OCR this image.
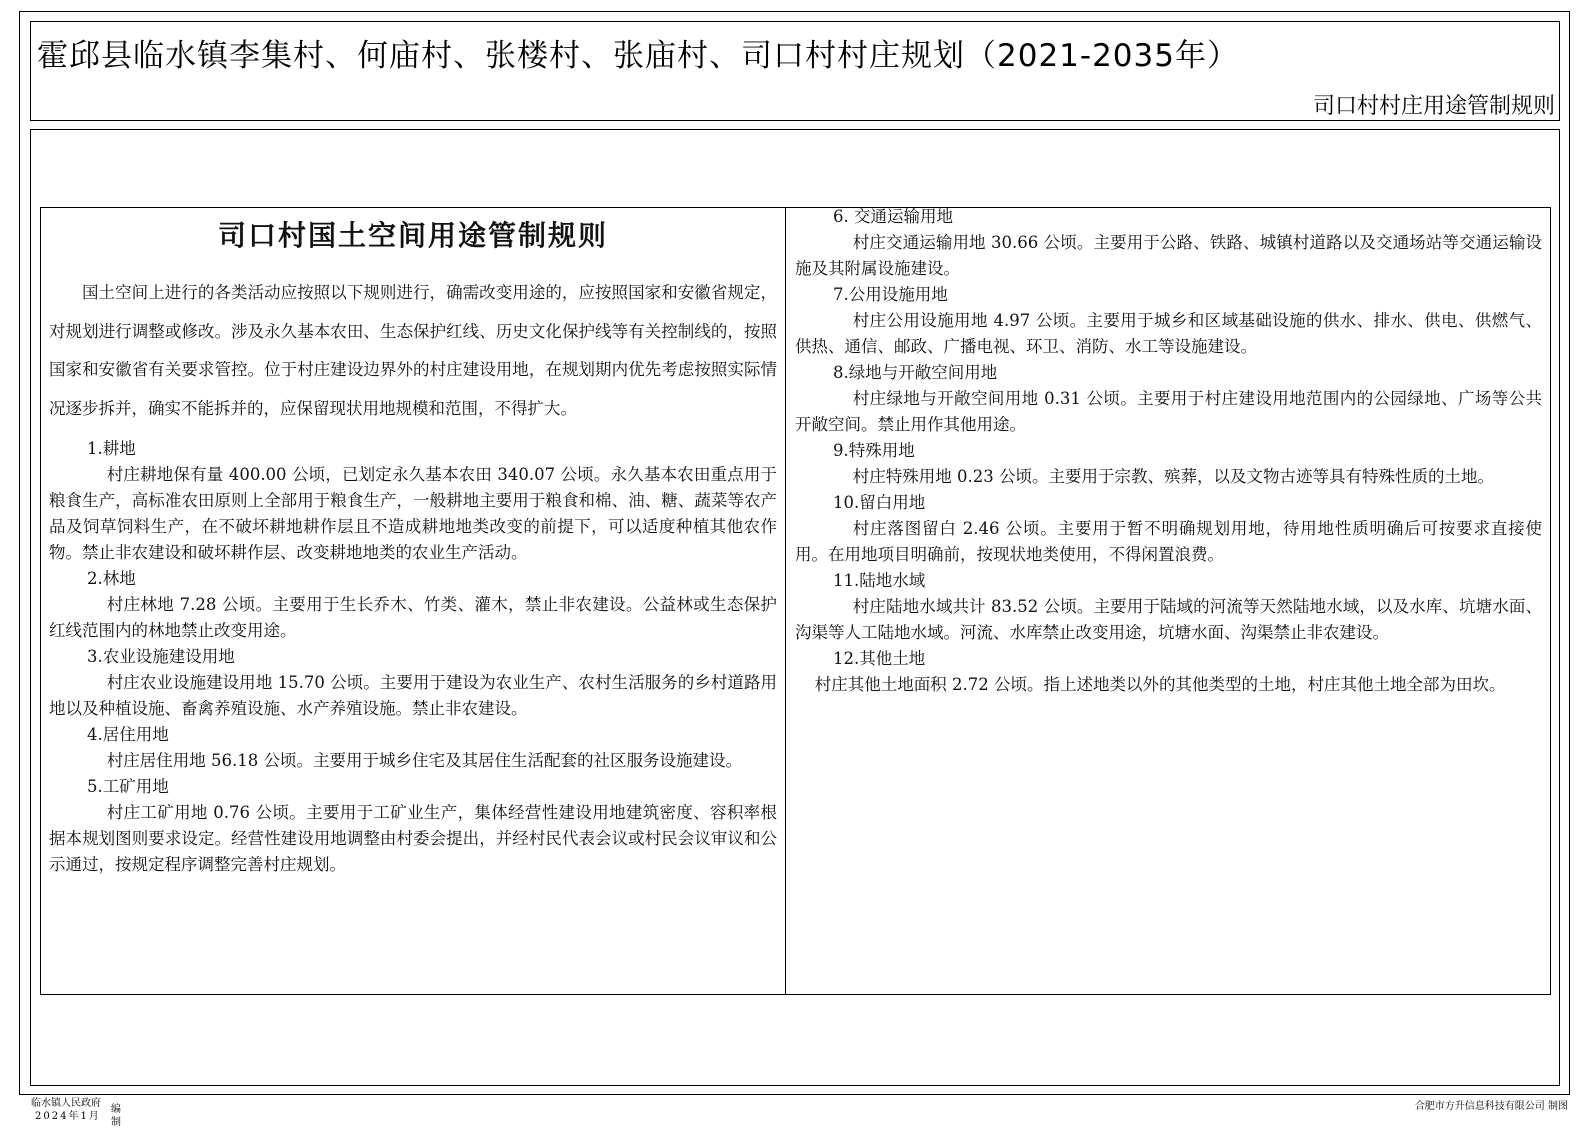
霍邱县临水镇李集村、何庙村、张楼村、张庙村、司口村村庄规划（2021-2035年）
司口村村庄用途管制规则
司口村国土空间用途管制规则
国土空间上进行的各类活动应按照以下规则进行，确需改变用途的，应按照国家和安徽省规定，对规划进行调整或修改。涉及永久基本农田、生态保护红线、历史文化保护线等有关控制线的，按照国家和安徽省有关要求管控。位于村庄建设边界外的村庄建设用地，在规划期内优先考虑按照实际情况逐步拆并，确实不能拆并的，应保留现状用地规模和范围，不得扩大。
1.耕地
村庄耕地保有量 400.00 公顷，已划定永久基本农田 340.07 公顷。永久基本农田重点用于粮食生产，高标准农田原则上全部用于粮食生产，一般耕地主要用于粮食和棉、油、糖、蔬菜等农产品及饲草饲料生产，在不破坏耕地耕作层且不造成耕地地类改变的前提下，可以适度种植其他农作物。禁止非农建设和破坏耕作层、改变耕地地类的农业生产活动。
2.林地
村庄林地 7.28 公顷。主要用于生长乔木、竹类、灌木，禁止非农建设。公益林或生态保护红线范围内的林地禁止改变用途。
3.农业设施建设用地
村庄农业设施建设用地 15.70 公顷。主要用于建设为农业生产、农村生活服务的乡村道路用地以及种植设施、畜禽养殖设施、水产养殖设施。禁止非农建设。
4.居住用地
村庄居住用地 56.18 公顷。主要用于城乡住宅及其居住生活配套的社区服务设施建设。
5.工矿用地
村庄工矿用地 0.76 公顷。主要用于工矿业生产，集体经营性建设用地建筑密度、容积率根据本规划图则要求设定。经营性建设用地调整由村委会提出，并经村民代表会议或村民会议审议和公示通过，按规定程序调整完善村庄规划。
6. 交通运输用地
村庄交通运输用地 30.66 公顷。主要用于公路、铁路、城镇村道路以及交通场站等交通运输设施及其附属设施建设。
7.公用设施用地
村庄公用设施用地 4.97 公顷。主要用于城乡和区域基础设施的供水、排水、供电、供燃气、供热、通信、邮政、广播电视、环卫、消防、水工等设施建设。
8.绿地与开敞空间用地
村庄绿地与开敞空间用地 0.31 公顷。主要用于村庄建设用地范围内的公园绿地、广场等公共开敞空间。禁止用作其他用途。
9.特殊用地
村庄特殊用地 0.23 公顷。主要用于宗教、殡葬，以及文物古迹等具有特殊性质的土地。
10.留白用地
村庄落图留白 2.46 公顷。主要用于暂不明确规划用地，待用地性质明确后可按要求直接使用。在用地项目明确前，按现状地类使用，不得闲置浪费。
11.陆地水域
村庄陆地水域共计 83.52 公顷。主要用于陆域的河流等天然陆地水域，以及水库、坑塘水面、沟渠等人工陆地水域。河流、水库禁止改变用途，坑塘水面、沟渠禁止非农建设。
12.其他土地
村庄其他土地面积 2.72 公顷。指上述地类以外的其他类型的土地，村庄其他土地全部为田坎。
临水镇人民政府
2024年1月
编制
合肥市方升信息科技有限公司 制图
